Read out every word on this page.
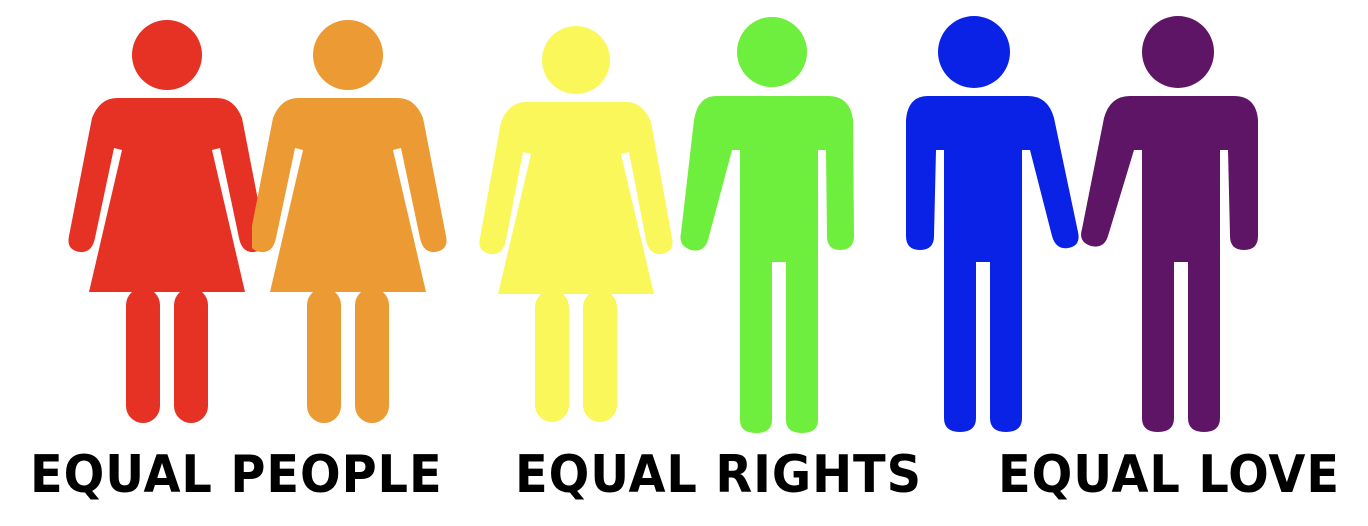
EQUAL PEOPLE EQUAL RIGHTS EQUAL LOVE
